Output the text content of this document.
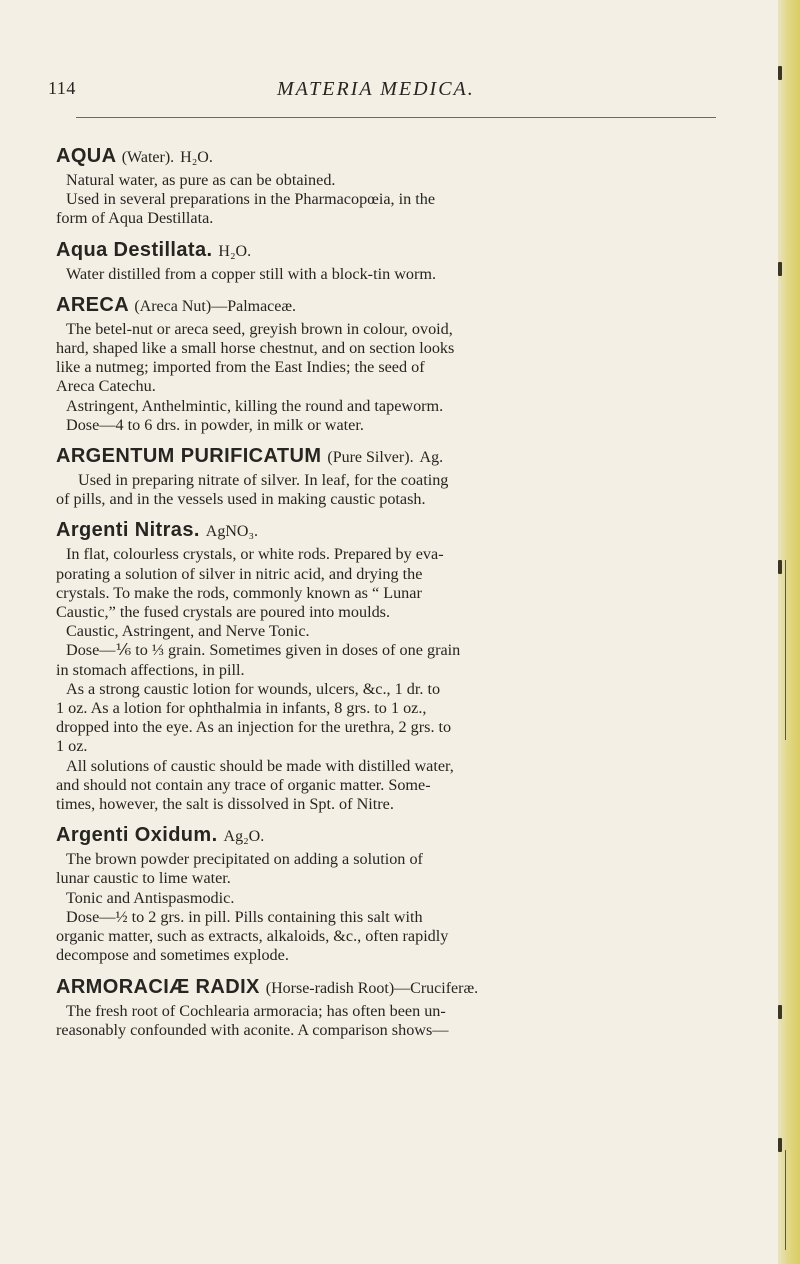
114	MATERIA MEDICA.
AQUA (Water). H₂O.
Natural water, as pure as can be obtained.
Used in several preparations in the Pharmacopœia, in the
form of Aqua Destillata.
Aqua Destillata. H₂O.
Water distilled from a copper still with a block-tin worm.
ARECA (Areca Nut)—Palmaceæ.
The betel-nut or areca seed, greyish brown in colour, ovoid,
hard, shaped like a small horse chestnut, and on section looks
like a nutmeg; imported from the East Indies; the seed of
Areca Catechu.
Astringent, Anthelmintic, killing the round and tapeworm.
Dose—4 to 6 drs. in powder, in milk or water.
ARGENTUM PURIFICATUM (Pure Silver). Ag.
Used in preparing nitrate of silver. In leaf, for the coating
of pills, and in the vessels used in making caustic potash.
Argenti Nitras. AgNO₃.
In flat, colourless crystals, or white rods. Prepared by eva-
porating a solution of silver in nitric acid, and drying the
crystals. To make the rods, commonly known as “ Lunar
Caustic,” the fused crystals are poured into moulds.
Caustic, Astringent, and Nerve Tonic.
Dose—⅙ to ⅓ grain. Sometimes given in doses of one grain
in stomach affections, in pill.
As a strong caustic lotion for wounds, ulcers, &c., 1 dr. to
1 oz. As a lotion for ophthalmia in infants, 8 grs. to 1 oz.,
dropped into the eye. As an injection for the urethra, 2 grs. to
1 oz.
All solutions of caustic should be made with distilled water,
and should not contain any trace of organic matter. Some-
times, however, the salt is dissolved in Spt. of Nitre.
Argenti Oxidum. Ag₂O.
The brown powder precipitated on adding a solution of
lunar caustic to lime water.
Tonic and Antispasmodic.
Dose—½ to 2 grs. in pill. Pills containing this salt with
organic matter, such as extracts, alkaloids, &c., often rapidly
decompose and sometimes explode.
ARMORACIÆ RADIX (Horse-radish Root)—Cruciferæ.
The fresh root of Cochlearia armoracia; has often been un-
reasonably confounded with aconite. A comparison shows—
